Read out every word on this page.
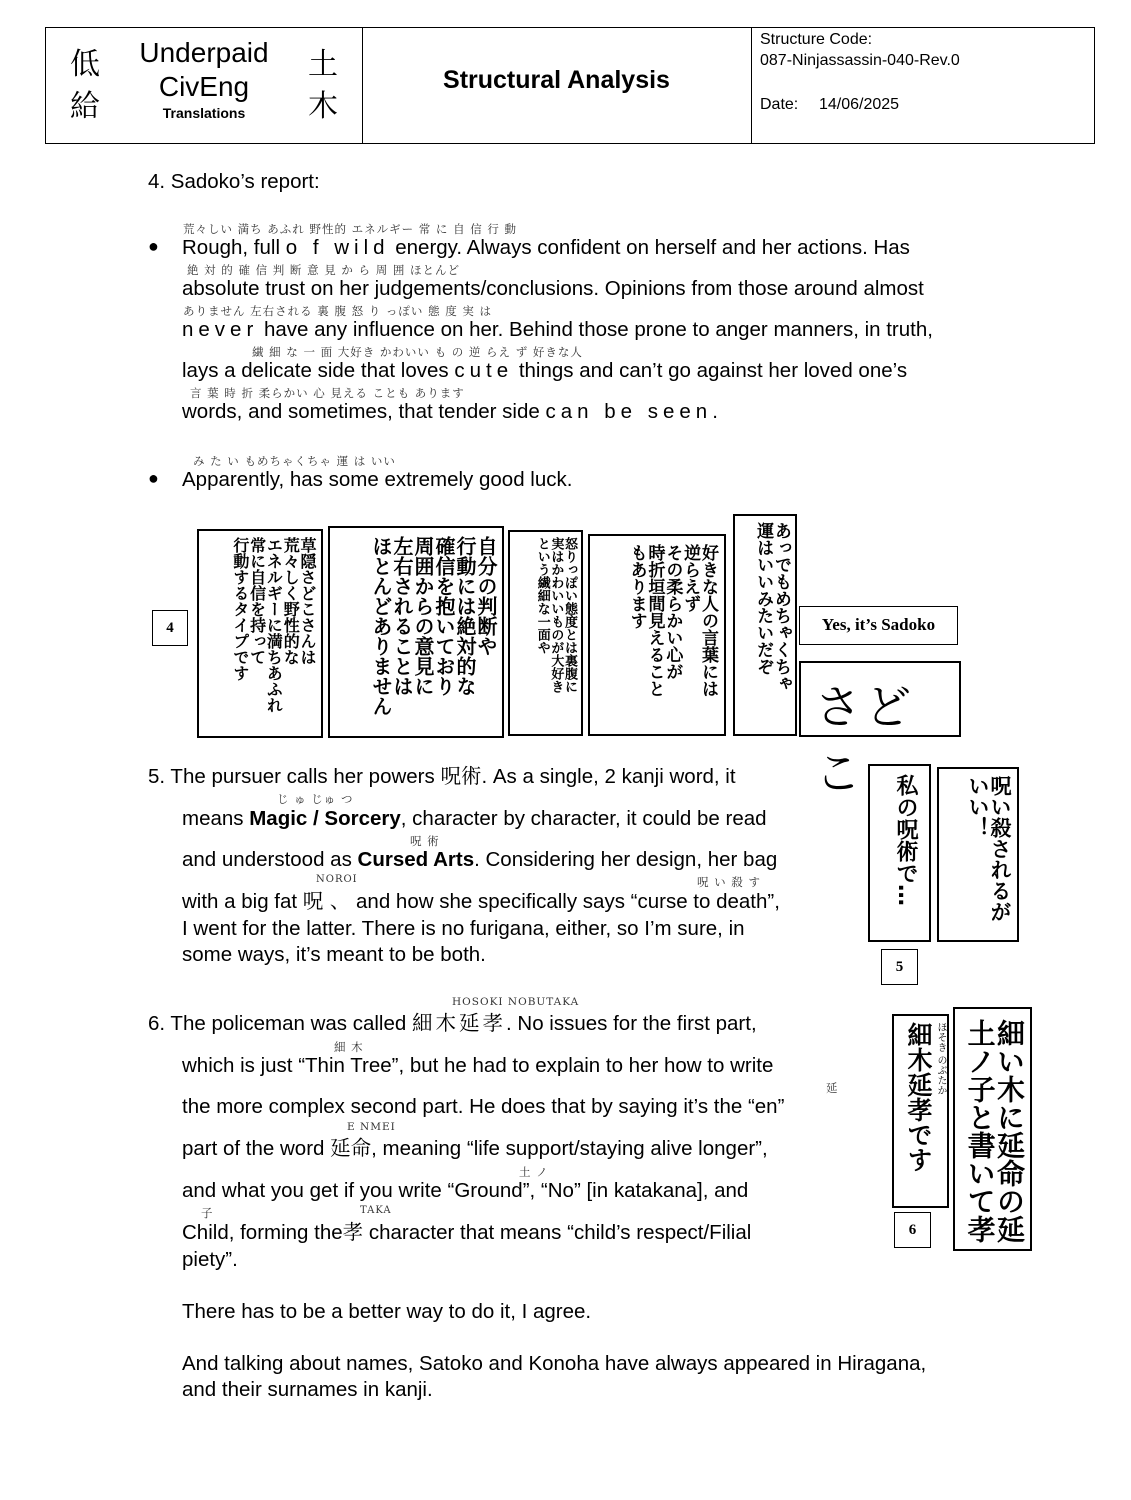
低
給
Underpaid
CivEng
Translations
土
木
Structural Analysis
Structure Code:
087-Ninjassassin-040-Rev.0
Date: 14/06/2025
4. Sadoko’s report:
荒々しい 満ち あふれ 野性的 エネルギー 常 に 自 信 行 動
● Rough, full o f wild energy. Always confident on herself and her actions. Has
絶 対 的 確 信 判 断 意 見 か ら 周 囲 ほとんど
absolute trust on her judgements/conclusions. Opinions from those around almost
ありません 左右される 裏 腹 怒 り っぽい 態 度 実 は
never have any influence on her. Behind those prone to anger manners, in truth,
繊 細 な 一 面 大好き かわいい も の 逆 らえ ず 好きな人
lays a delicate side that loves cute things and can’t go against her loved one’s
言 葉 時 折 柔らかい 心 見える ことも あります
words, and sometimes, that tender side can be seen.
み た い もめちゃくちゃ 運 は いい
● Apparently, has some extremely good luck.
4	草隠さどこさんは
荒々しく野性的な
エネルギーに満ちあふれ
常に自信を持って
行動するタイプです	自分の判断や
行動には絶対的な
確信を抱いており
周囲からの意見に
左右されることは
ほとんどありません	怒りっぽい態度とは裏腹に
実はかわいいものが大好き
という繊細な一面や	好きな人の言葉には
逆らえず
その柔らかい心が
時折垣間見えること
もあります	あっでもめちゃくちゃ
運はいいみたいだぞ	Yes, it’s Sadoko
さどこ
5. The pursuer calls her powers 呪術. As a single, 2 kanji word, it
じ ゅ じゅ つ
means Magic / Sorcery, character by character, it could be read
呪 術
and understood as Cursed Arts. Considering her design, her bag
NOROI	呪 い 殺 す
with a big fat 呪 、 and how she specifically says “curse to death”,
I went for the latter. There is no furigana, either, so I’m sure, in
some ways, it’s meant to be both.
私の呪術で…	呪い殺されるが
いい！
5
HOSOKI NOBUTAKA
6. The policeman was called 細木延孝. No issues for the first part,
細 木
which is just “Thin Tree”, but he had to explain to her how to write
延
the more complex second part. He does that by saying it’s the “en”
E NMEI
part of the word 延命, meaning “life support/staying alive longer”,
土 ノ
and what you get if you write “Ground”, “No” [in katakana], and
子	TAKA
Child, forming the孝 character that means “child’s respect/Filial
piety”.
There has to be a better way to do it, I agree.
And talking about names, Satoko and Konoha have always appeared in Hiragana,
and their surnames in kanji.
ほそき のぶたか
細木延孝です	細い木に延命の延
土ノ子と書いて孝
6
